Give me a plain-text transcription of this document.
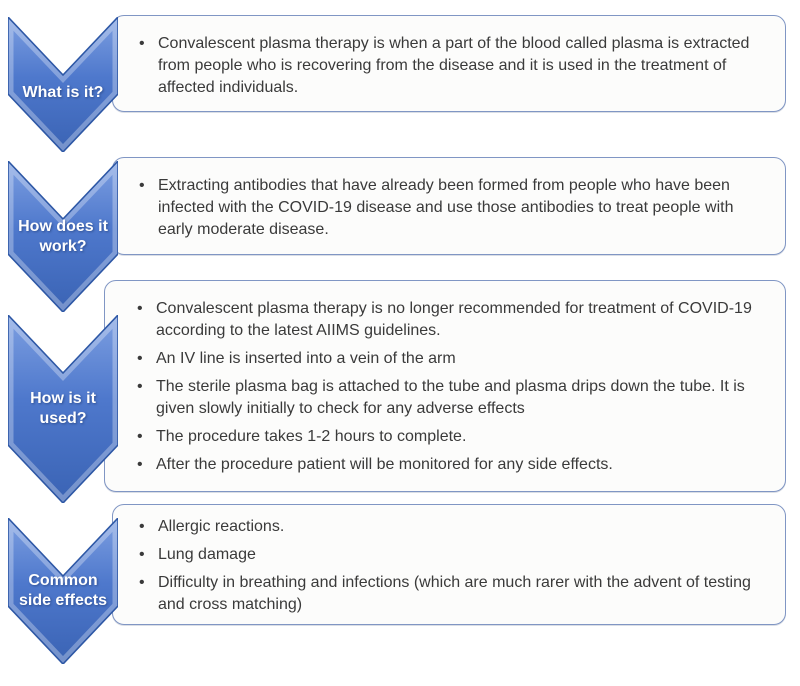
What is it?
• Convalescent plasma therapy is when a part of the blood called plasma is extracted from people who is recovering from the disease and it is used in the treatment of affected individuals.
How does it
work?
• Extracting antibodies that have already been formed from people who have been infected with the COVID-19 disease and use those antibodies to treat people with early moderate disease.
How is it
used?
• Convalescent plasma therapy is no longer recommended for treatment of COVID-19 according to the latest AIIMS guidelines.
• An IV line is inserted into a vein of the arm
• The sterile plasma bag is attached to the tube and plasma drips down the tube. It is given slowly initially to check for any adverse effects
• The procedure takes 1-2 hours to complete.
• After the procedure patient will be monitored for any side effects.
Common
side effects
• Allergic reactions.
• Lung damage
• Difficulty in breathing and infections (which are much rarer with the advent of testing and cross matching)
